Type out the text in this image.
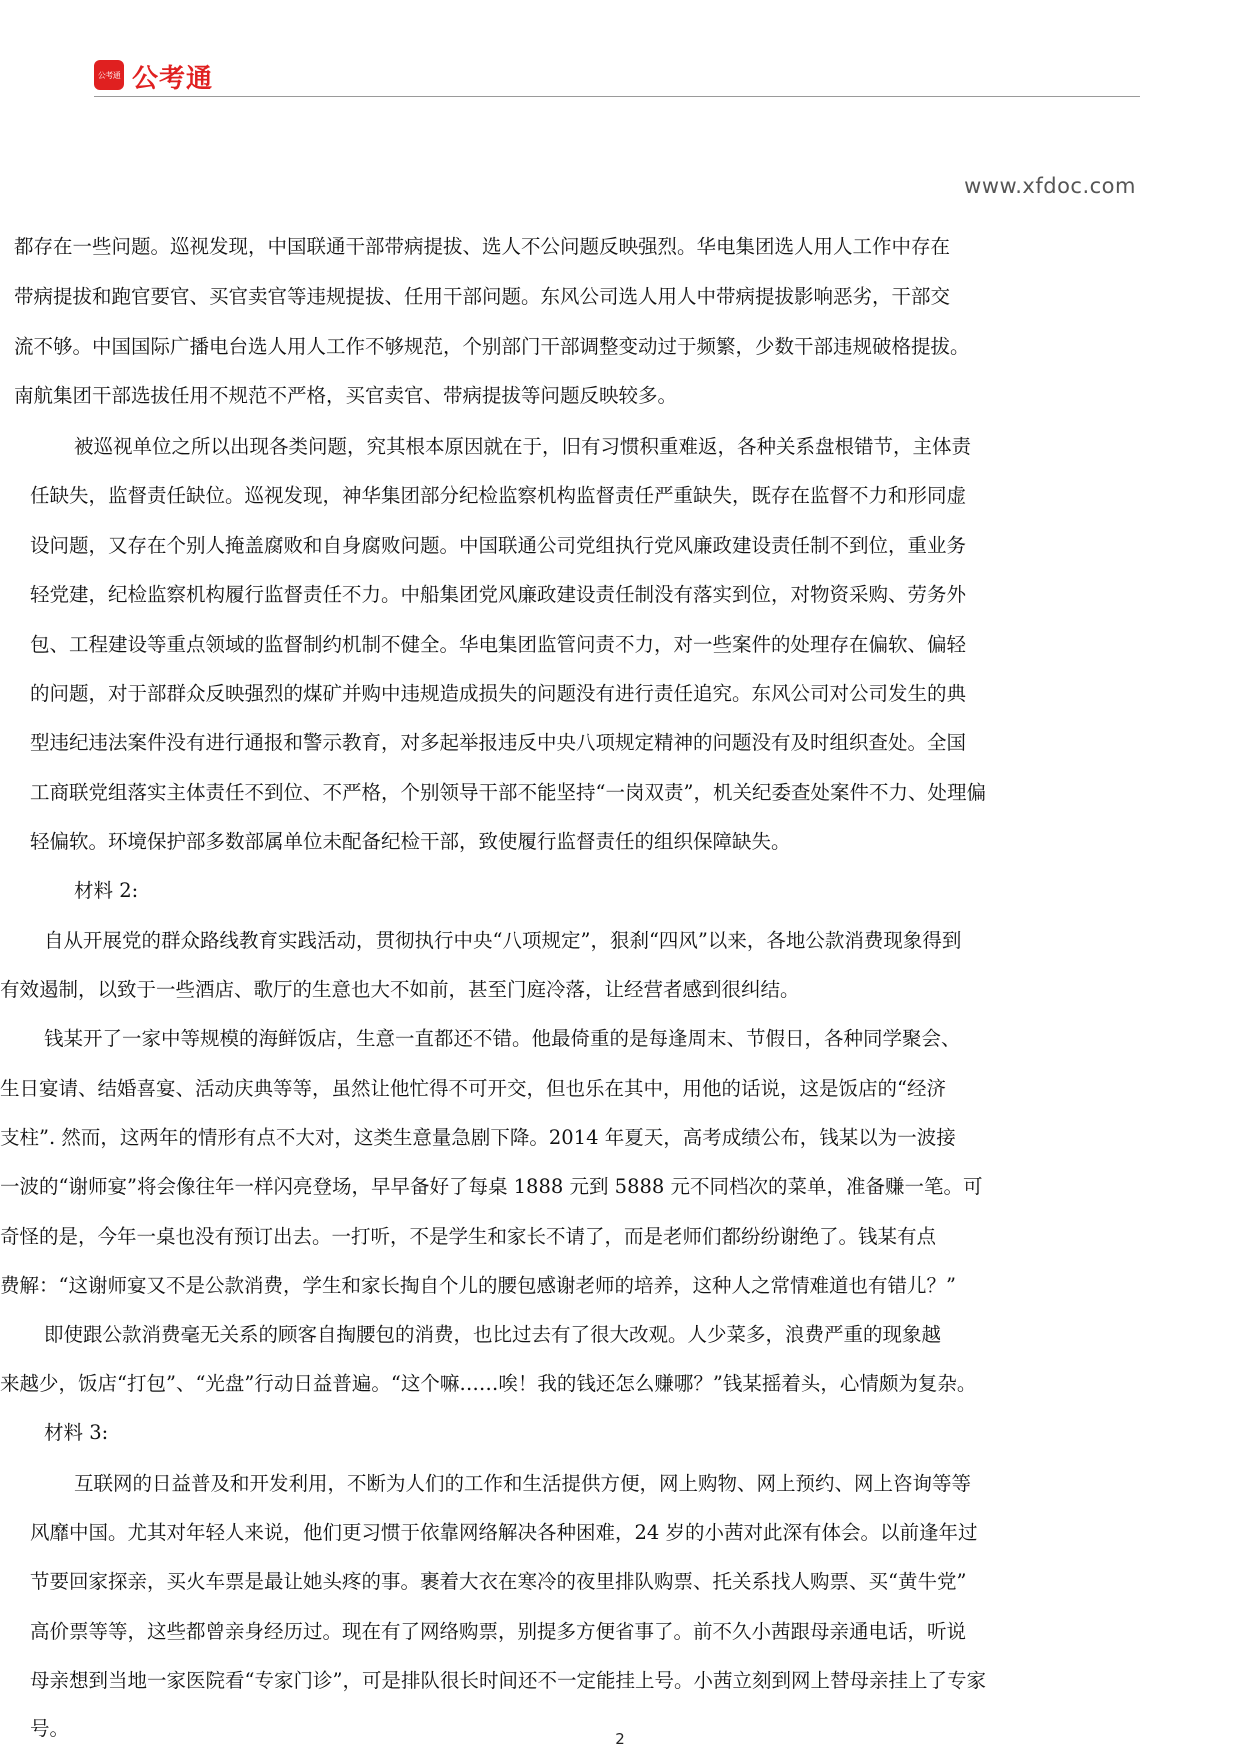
公考通 公考通
www.xfdoc.com
都存在一些问题。巡视发现，中国联通干部带病提拔、选人不公问题反映强烈。华电集团选人用人工作中存在
带病提拔和跑官要官、买官卖官等违规提拔、任用干部问题。东风公司选人用人中带病提拔影响恶劣，干部交
流不够。中国国际广播电台选人用人工作不够规范，个别部门干部调整变动过于频繁，少数干部违规破格提拔。
南航集团干部选拔任用不规范不严格，买官卖官、带病提拔等问题反映较多。
被巡视单位之所以出现各类问题，究其根本原因就在于，旧有习惯积重难返，各种关系盘根错节，主体责
任缺失，监督责任缺位。巡视发现，神华集团部分纪检监察机构监督责任严重缺失，既存在监督不力和形同虚
设问题，又存在个别人掩盖腐败和自身腐败问题。中国联通公司党组执行党风廉政建设责任制不到位，重业务
轻党建，纪检监察机构履行监督责任不力。中船集团党风廉政建设责任制没有落实到位，对物资采购、劳务外
包、工程建设等重点领域的监督制约机制不健全。华电集团监管问责不力，对一些案件的处理存在偏软、偏轻
的问题，对于部群众反映强烈的煤矿并购中违规造成损失的问题没有进行责任追究。东风公司对公司发生的典
型违纪违法案件没有进行通报和警示教育，对多起举报违反中央八项规定精神的问题没有及时组织查处。全国
工商联党组落实主体责任不到位、不严格，个别领导干部不能坚持“一岗双责”，机关纪委查处案件不力、处理偏
轻偏软。环境保护部多数部属单位未配备纪检干部，致使履行监督责任的组织保障缺失。
材料 2:
自从开展党的群众路线教育实践活动，贯彻执行中央“八项规定”，狠刹“四风”以来，各地公款消费现象得到
有效遏制，以致于一些酒店、歌厅的生意也大不如前，甚至门庭冷落，让经营者感到很纠结。
钱某开了一家中等规模的海鲜饭店，生意一直都还不错。他最倚重的是每逢周末、节假日，各种同学聚会、
生日宴请、结婚喜宴、活动庆典等等，虽然让他忙得不可开交，但也乐在其中，用他的话说，这是饭店的“经济
支柱”. 然而，这两年的情形有点不大对，这类生意量急剧下降。2014 年夏天，高考成绩公布，钱某以为一波接
一波的“谢师宴”将会像往年一样闪亮登场，早早备好了每桌 1888 元到 5888 元不同档次的菜单，准备赚一笔。可
奇怪的是，今年一桌也没有预订出去。一打听，不是学生和家长不请了，而是老师们都纷纷谢绝了。钱某有点
费解：“这谢师宴又不是公款消费，学生和家长掏自个儿的腰包感谢老师的培养，这种人之常情难道也有错儿？”
即使跟公款消费毫无关系的顾客自掏腰包的消费，也比过去有了很大改观。人少菜多，浪费严重的现象越
来越少，饭店“打包”、“光盘”行动日益普遍。“这个嘛……唉！我的钱还怎么赚哪？”钱某摇着头，心情颇为复杂。
材料 3:
互联网的日益普及和开发利用，不断为人们的工作和生活提供方便，网上购物、网上预约、网上咨询等等
风靡中国。尤其对年轻人来说，他们更习惯于依靠网络解决各种困难，24 岁的小茜对此深有体会。以前逢年过
节要回家探亲，买火车票是最让她头疼的事。裹着大衣在寒冷的夜里排队购票、托关系找人购票、买“黄牛党”
高价票等等，这些都曾亲身经历过。现在有了网络购票，别提多方便省事了。前不久小茜跟母亲通电话，听说
母亲想到当地一家医院看“专家门诊”，可是排队很长时间还不一定能挂上号。小茜立刻到网上替母亲挂上了专家
号。	2
